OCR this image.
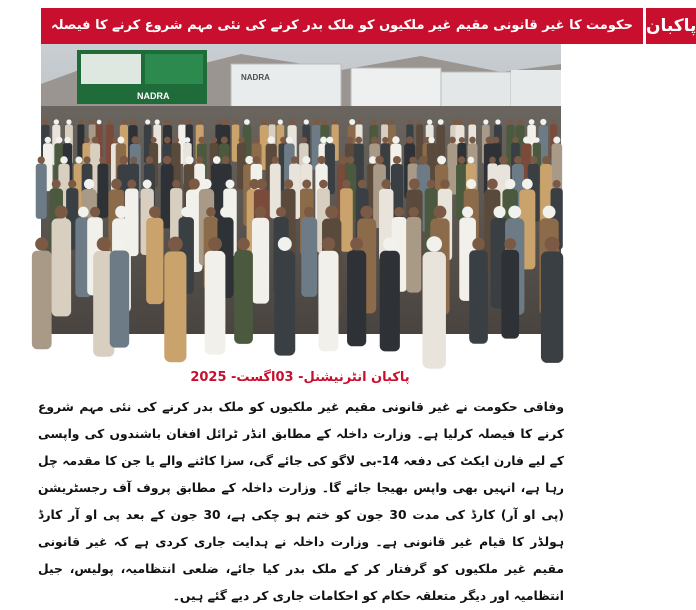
حکومت کا غیر قانونی مقیم غیر ملکیوں کو ملک بدر کرنے کی نئی مہم شروع کرنے کا فیصلہ پاکبان
NADRA
NADRA
پاکبان انٹرنیشنل- 03اگست- 2025
وفاقی حکومت نے غیر قانونی مقیم غیر ملکیوں کو ملک بدر کرنے کی نئی مہم شروع کرنے کا فیصلہ کرلیا ہے۔ وزارت داخلہ کے مطابق انڈر ٹرائل افغان باشندوں کی واپسی کے لیے فارن ایکٹ کی دفعہ 14-بی لاگو کی جائے گی، سزا کاٹنے والے یا جن کا مقدمہ چل رہا ہے، انہیں بھی واپس بھیجا جائے گا۔ وزارت داخلہ کے مطابق پروف آف رجسٹریشن (پی او آر) کارڈ کی مدت 30 جون کو ختم ہو چکی ہے، 30 جون کے بعد پی او آر کارڈ ہولڈر کا قیام غیر قانونی ہے۔ وزارت داخلہ نے ہدایت جاری کردی ہے کہ غیر قانونی مقیم غیر ملکیوں کو گرفتار کر کے ملک بدر کیا جائے، ضلعی انتظامیہ، پولیس، جیل انتظامیہ اور دیگر متعلقہ حکام کو احکامات جاری کر دیے گئے ہیں۔
